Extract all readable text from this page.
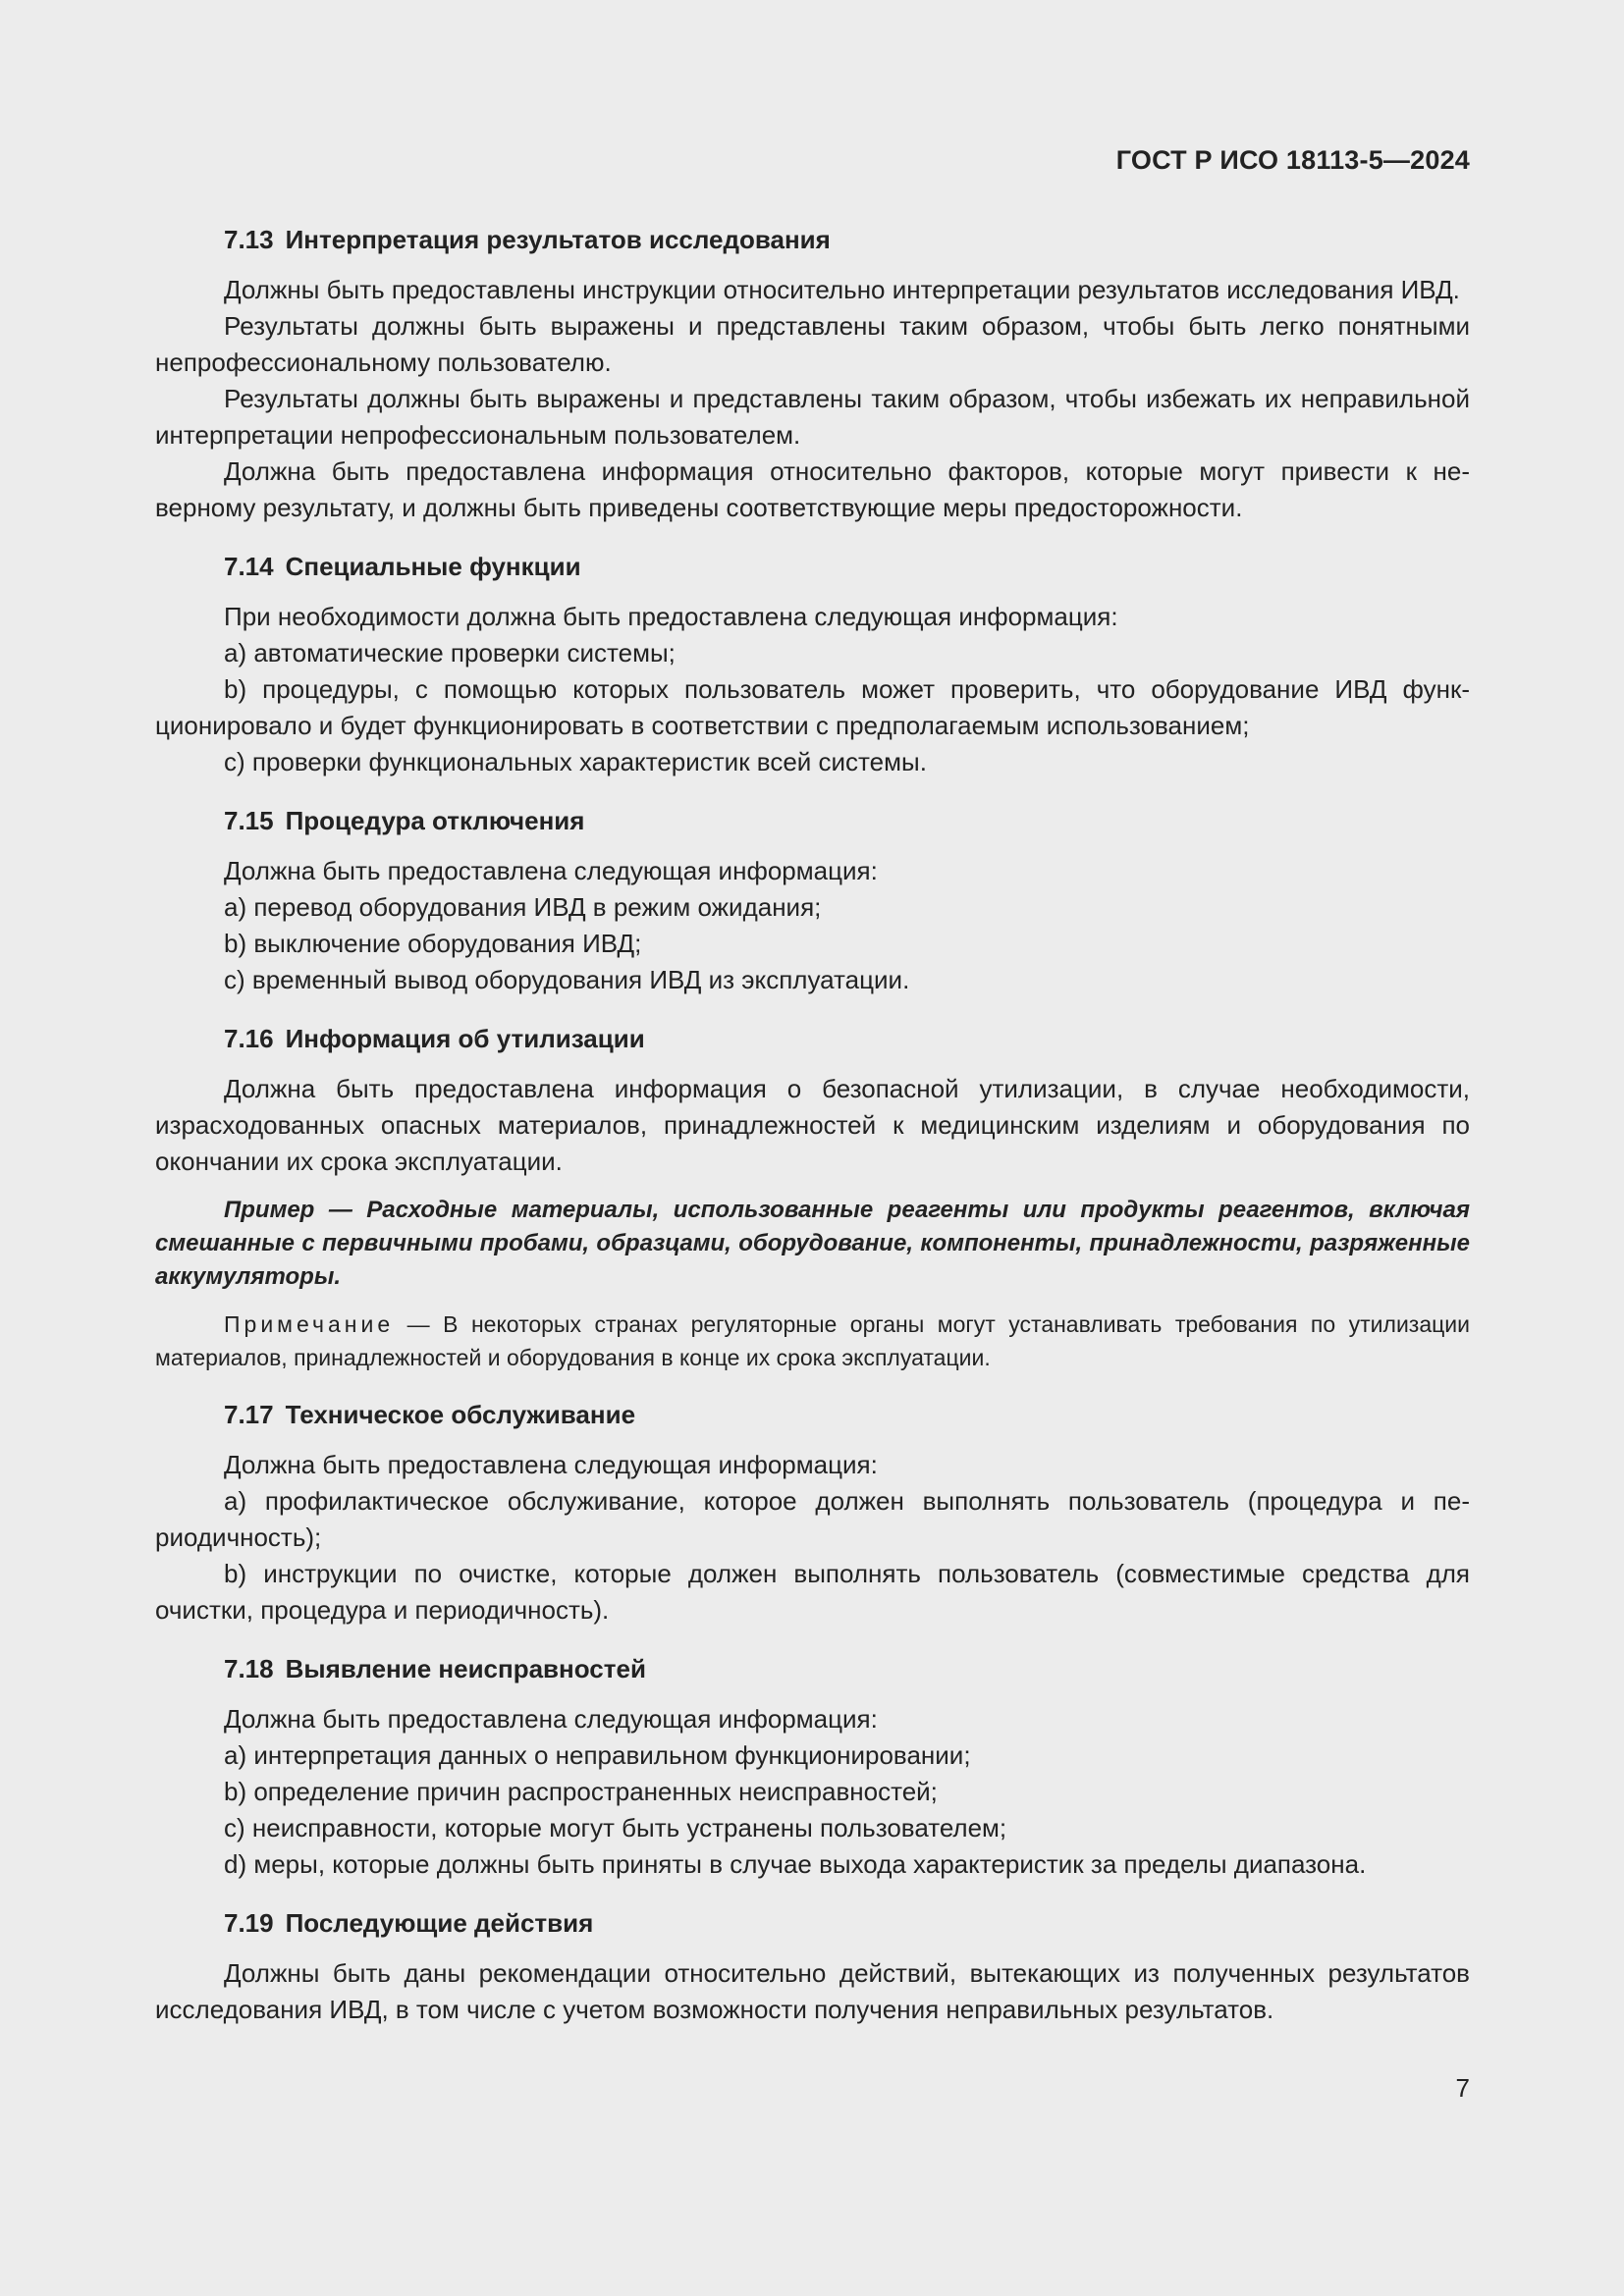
ГОСТ Р ИСО 18113-5—2024
7.13 Интерпретация результатов исследования

Должны быть предоставлены инструкции относительно интерпретации результатов исследования ИВД.

Результаты должны быть выражены и представлены таким образом, чтобы быть легко понятными непрофессиональному пользователю.

Результаты должны быть выражены и представлены таким образом, чтобы избежать их неправильной интерпретации непрофессиональным пользователем.

Должна быть предоставлена информация относительно факторов, которые могут привести к неверному результату, и должны быть приведены соответствующие меры предосторожности.

7.14 Специальные функции

При необходимости должна быть предоставлена следующая информация:

a) автоматические проверки системы;

b) процедуры, с помощью которых пользователь может проверить, что оборудование ИВД функционировало и будет функционировать в соответствии с предполагаемым использованием;

c) проверки функциональных характеристик всей системы.

7.15 Процедура отключения

Должна быть предоставлена следующая информация:

a) перевод оборудования ИВД в режим ожидания;

b) выключение оборудования ИВД;

c) временный вывод оборудования ИВД из эксплуатации.

7.16 Информация об утилизации

Должна быть предоставлена информация о безопасной утилизации, в случае необходимости, израсходованных опасных материалов, принадлежностей к медицинским изделиям и оборудования по окончании их срока эксплуатации.

Пример — Расходные материалы, использованные реагенты или продукты реагентов, включая смешанные с первичными пробами, образцами, оборудование, компоненты, принадлежности, разряженные аккумуляторы.

Примечание — В некоторых странах регуляторные органы могут устанавливать требования по утилизации материалов, принадлежностей и оборудования в конце их срока эксплуатации.

7.17 Техническое обслуживание

Должна быть предоставлена следующая информация:

a) профилактическое обслуживание, которое должен выполнять пользователь (процедура и периодичность);

b) инструкции по очистке, которые должен выполнять пользователь (совместимые средства для очистки, процедура и периодичность).

7.18 Выявление неисправностей

Должна быть предоставлена следующая информация:

a) интерпретация данных о неправильном функционировании;

b) определение причин распространенных неисправностей;

c) неисправности, которые могут быть устранены пользователем;

d) меры, которые должны быть приняты в случае выхода характеристик за пределы диапазона.

7.19 Последующие действия

Должны быть даны рекомендации относительно действий, вытекающих из полученных результатов исследования ИВД, в том числе с учетом возможности получения неправильных результатов.

7
